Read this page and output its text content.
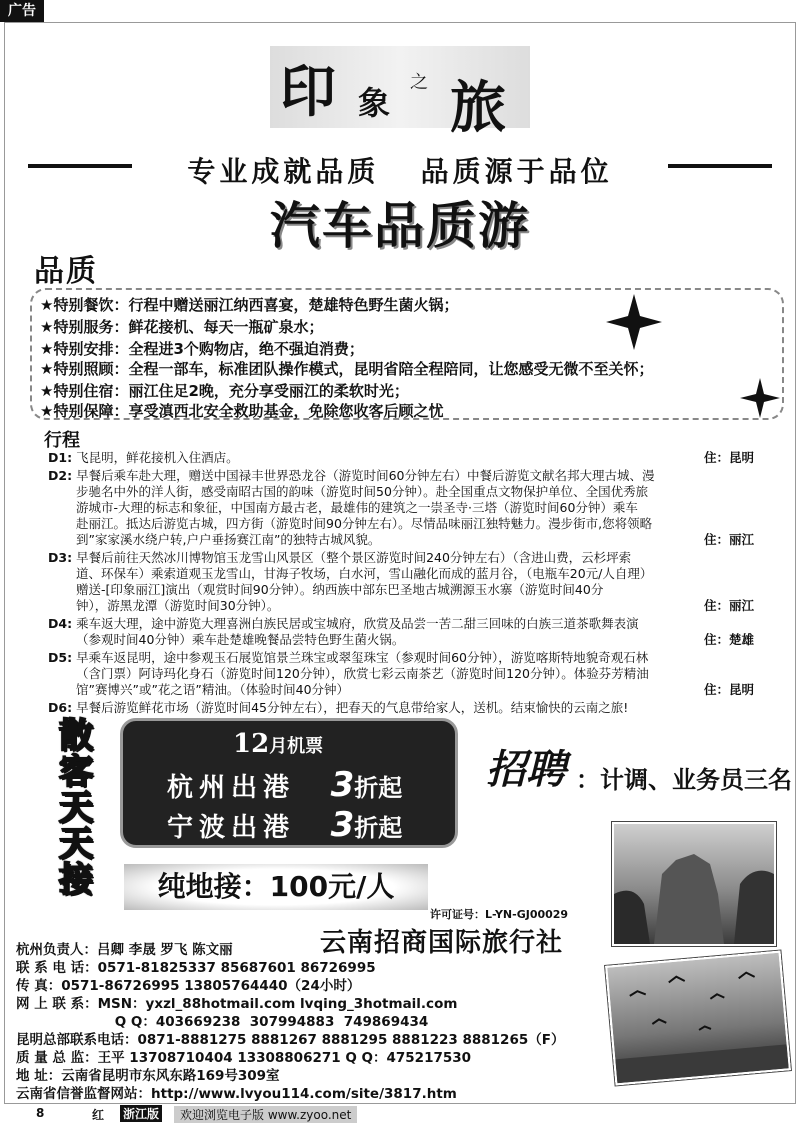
广告
印 象
之 旅
专业成就品质   品质源于品位
汽车品质游
品质
★特别餐饮：行程中赠送丽江纳西喜宴，楚雄特色野生菌火锅；
★特别服务：鲜花接机、每天一瓶矿泉水；
★特别安排：全程进3个购物店，绝不强迫消费；
★特别照顾：全程一部车，标准团队操作模式，昆明省陪全程陪同，让您感受无微不至关怀；
★特别住宿：丽江住足2晚，充分享受丽江的柔软时光；
★特别保障：享受滇西北安全救助基金，免除您收客后顾之忧
行程
D1: 飞昆明，鲜花接机入住酒店。	住：昆明
D2: 早餐后乘车赴大理，赠送中国禄丰世界恐龙谷（游览时间60分钟左右）中餐后游览文献名邦大理古城、漫
步驰名中外的洋人街，感受南昭古国的韵味（游览时间50分钟）。赴全国重点文物保护单位、全国优秀旅
游城市-大理的标志和象征，中国南方最古老，最雄伟的建筑之一崇圣寺·三塔（游览时间60分钟）乘车
赴丽江。抵达后游览古城，四方街（游览时间90分钟左右）。尽情品味丽江独特魅力。漫步街市,您将领略
到”家家溪水绕户转,户户垂扬赛江南”的独特古城风貌。	住：丽江
D3: 早餐后前往天然冰川博物馆玉龙雪山风景区（整个景区游览时间240分钟左右）（含进山费，云杉坪索
道、环保车）乘索道观玉龙雪山，甘海子牧场，白水河，雪山融化而成的蓝月谷，（电瓶车20元/人自理）
赠送-[印象丽江]演出（观赏时间90分钟）。纳西族中部东巴圣地古城溯源玉水寨（游览时间40分
钟），游黑龙潭（游览时间30分钟）。	住：丽江
D4: 乘车返大理，途中游览大理喜洲白族民居或宝城府，欣赏及品尝一苦二甜三回味的白族三道茶歌舞表演
（参观时间40分钟）乘车赴楚雄晚餐品尝特色野生菌火锅。	住：楚雄
D5: 早乘车返昆明，途中参观玉石展览馆景兰珠宝或翠玺珠宝（参观时间60分钟），游览喀斯特地貌奇观石林
（含门票）阿诗玛化身石（游览时间120分钟），欣赏七彩云南茶艺（游览时间120分钟）。体验芬芳精油
馆”赛博兴”或”花之语”精油。（体验时间40分钟）	住：昆明
D6: 早餐后游览鲜花市场（游览时间45分钟左右），把春天的气息带给家人，送机。结束愉快的云南之旅!
散
客
天
天
接
12月机票
杭州出港 3折起
宁波出港 3折起
招聘 ：计调、业务员三名
纯地接：100元/人
许可证号：L-YN-GJ00029
云南招商国际旅行社
杭州负责人：吕卿 李晟 罗飞 陈文丽
联 系 电 话：0571-81825337 85687601 86726995
传 真：0571-86726995 13805764440（24小时）
网 上 联 系：MSN：yxzl_88hotmail.com lvqing_3hotmail.com
Q Q：403669238  307994883  749869434
昆明总部联系电话：0871-8881275 8881267 8881295 8881223 8881265（F）
质 量 总 监：王平 13708710404 13308806271 Q Q：475217530
地 址：云南省昆明市东风东路169号309室
云南省信誉监督网站：http://www.lvyou114.com/site/3817.htm
8	红 浙江版	欢迎浏览电子版 www.zyoo.net
